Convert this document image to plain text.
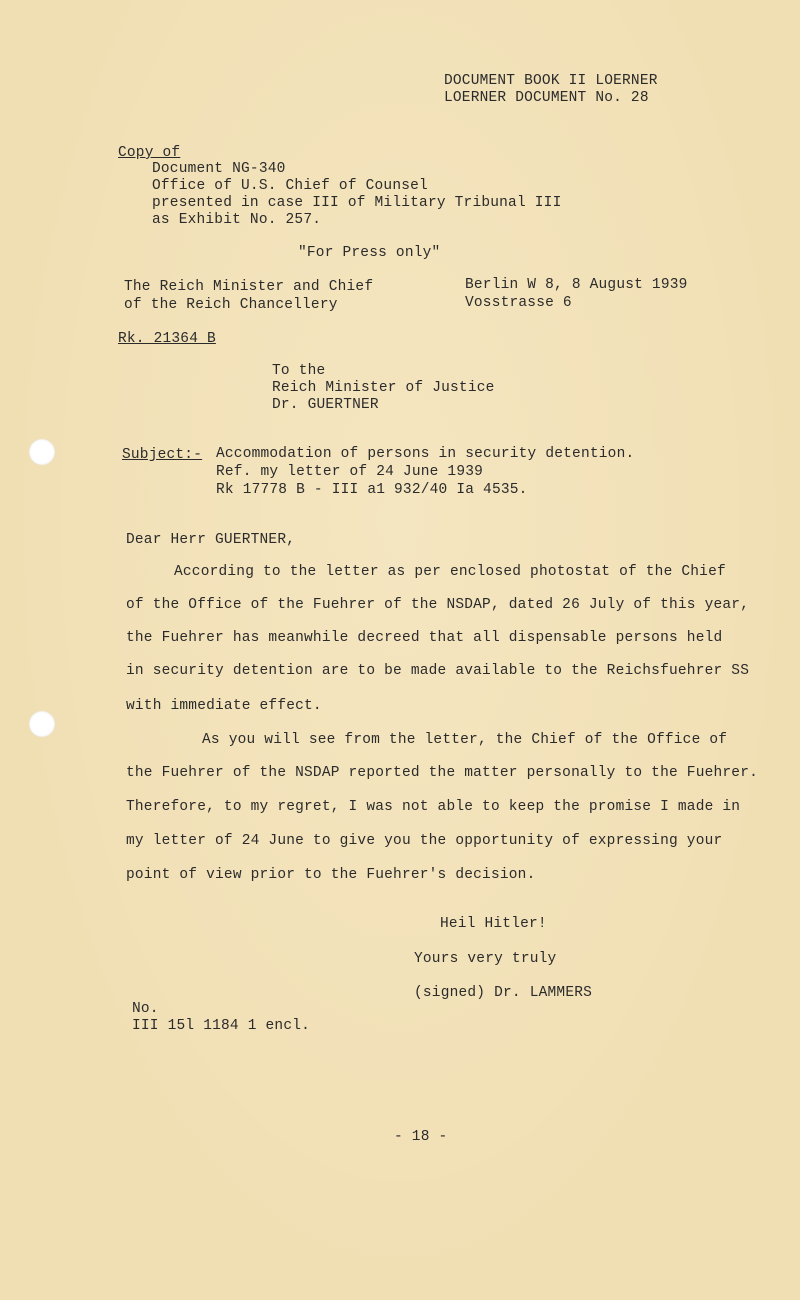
DOCUMENT BOOK II LOERNER
LOERNER DOCUMENT No. 28
Copy of
Document NG-340
Office of U.S. Chief of Counsel
presented in case III of Military Tribunal III
as Exhibit No. 257.
"For Press only"
The Reich Minister and Chief
of the Reich Chancellery
Berlin W 8, 8 August 1939
Vosstrasse 6
Rk. 21364 B
To the
Reich Minister of Justice
Dr. GUERTNER
Subject:- Accommodation of persons in security detention.
Ref. my letter of 24 June 1939
Rk 17778 B - III a1 932/40 Ia 4535.
Dear Herr GUERTNER,
According to the letter as per enclosed photostat of the Chief
of the Office of the Fuehrer of the NSDAP, dated 26 July of this year,
the Fuehrer has meanwhile decreed that all dispensable persons held
in security detention are to be made available to the Reichsfuehrer SS
with immediate effect.
As you will see from the letter, the Chief of the Office of
the Fuehrer of the NSDAP reported the matter personally to the Fuehrer.
Therefore, to my regret, I was not able to keep the promise I made in
my letter of 24 June to give you the opportunity of expressing your
point of view prior to the Fuehrer's decision.
Heil Hitler!
Yours very truly
(signed) Dr. LAMMERS
No.
III 15l 1184 1 encl.
- 18 -
